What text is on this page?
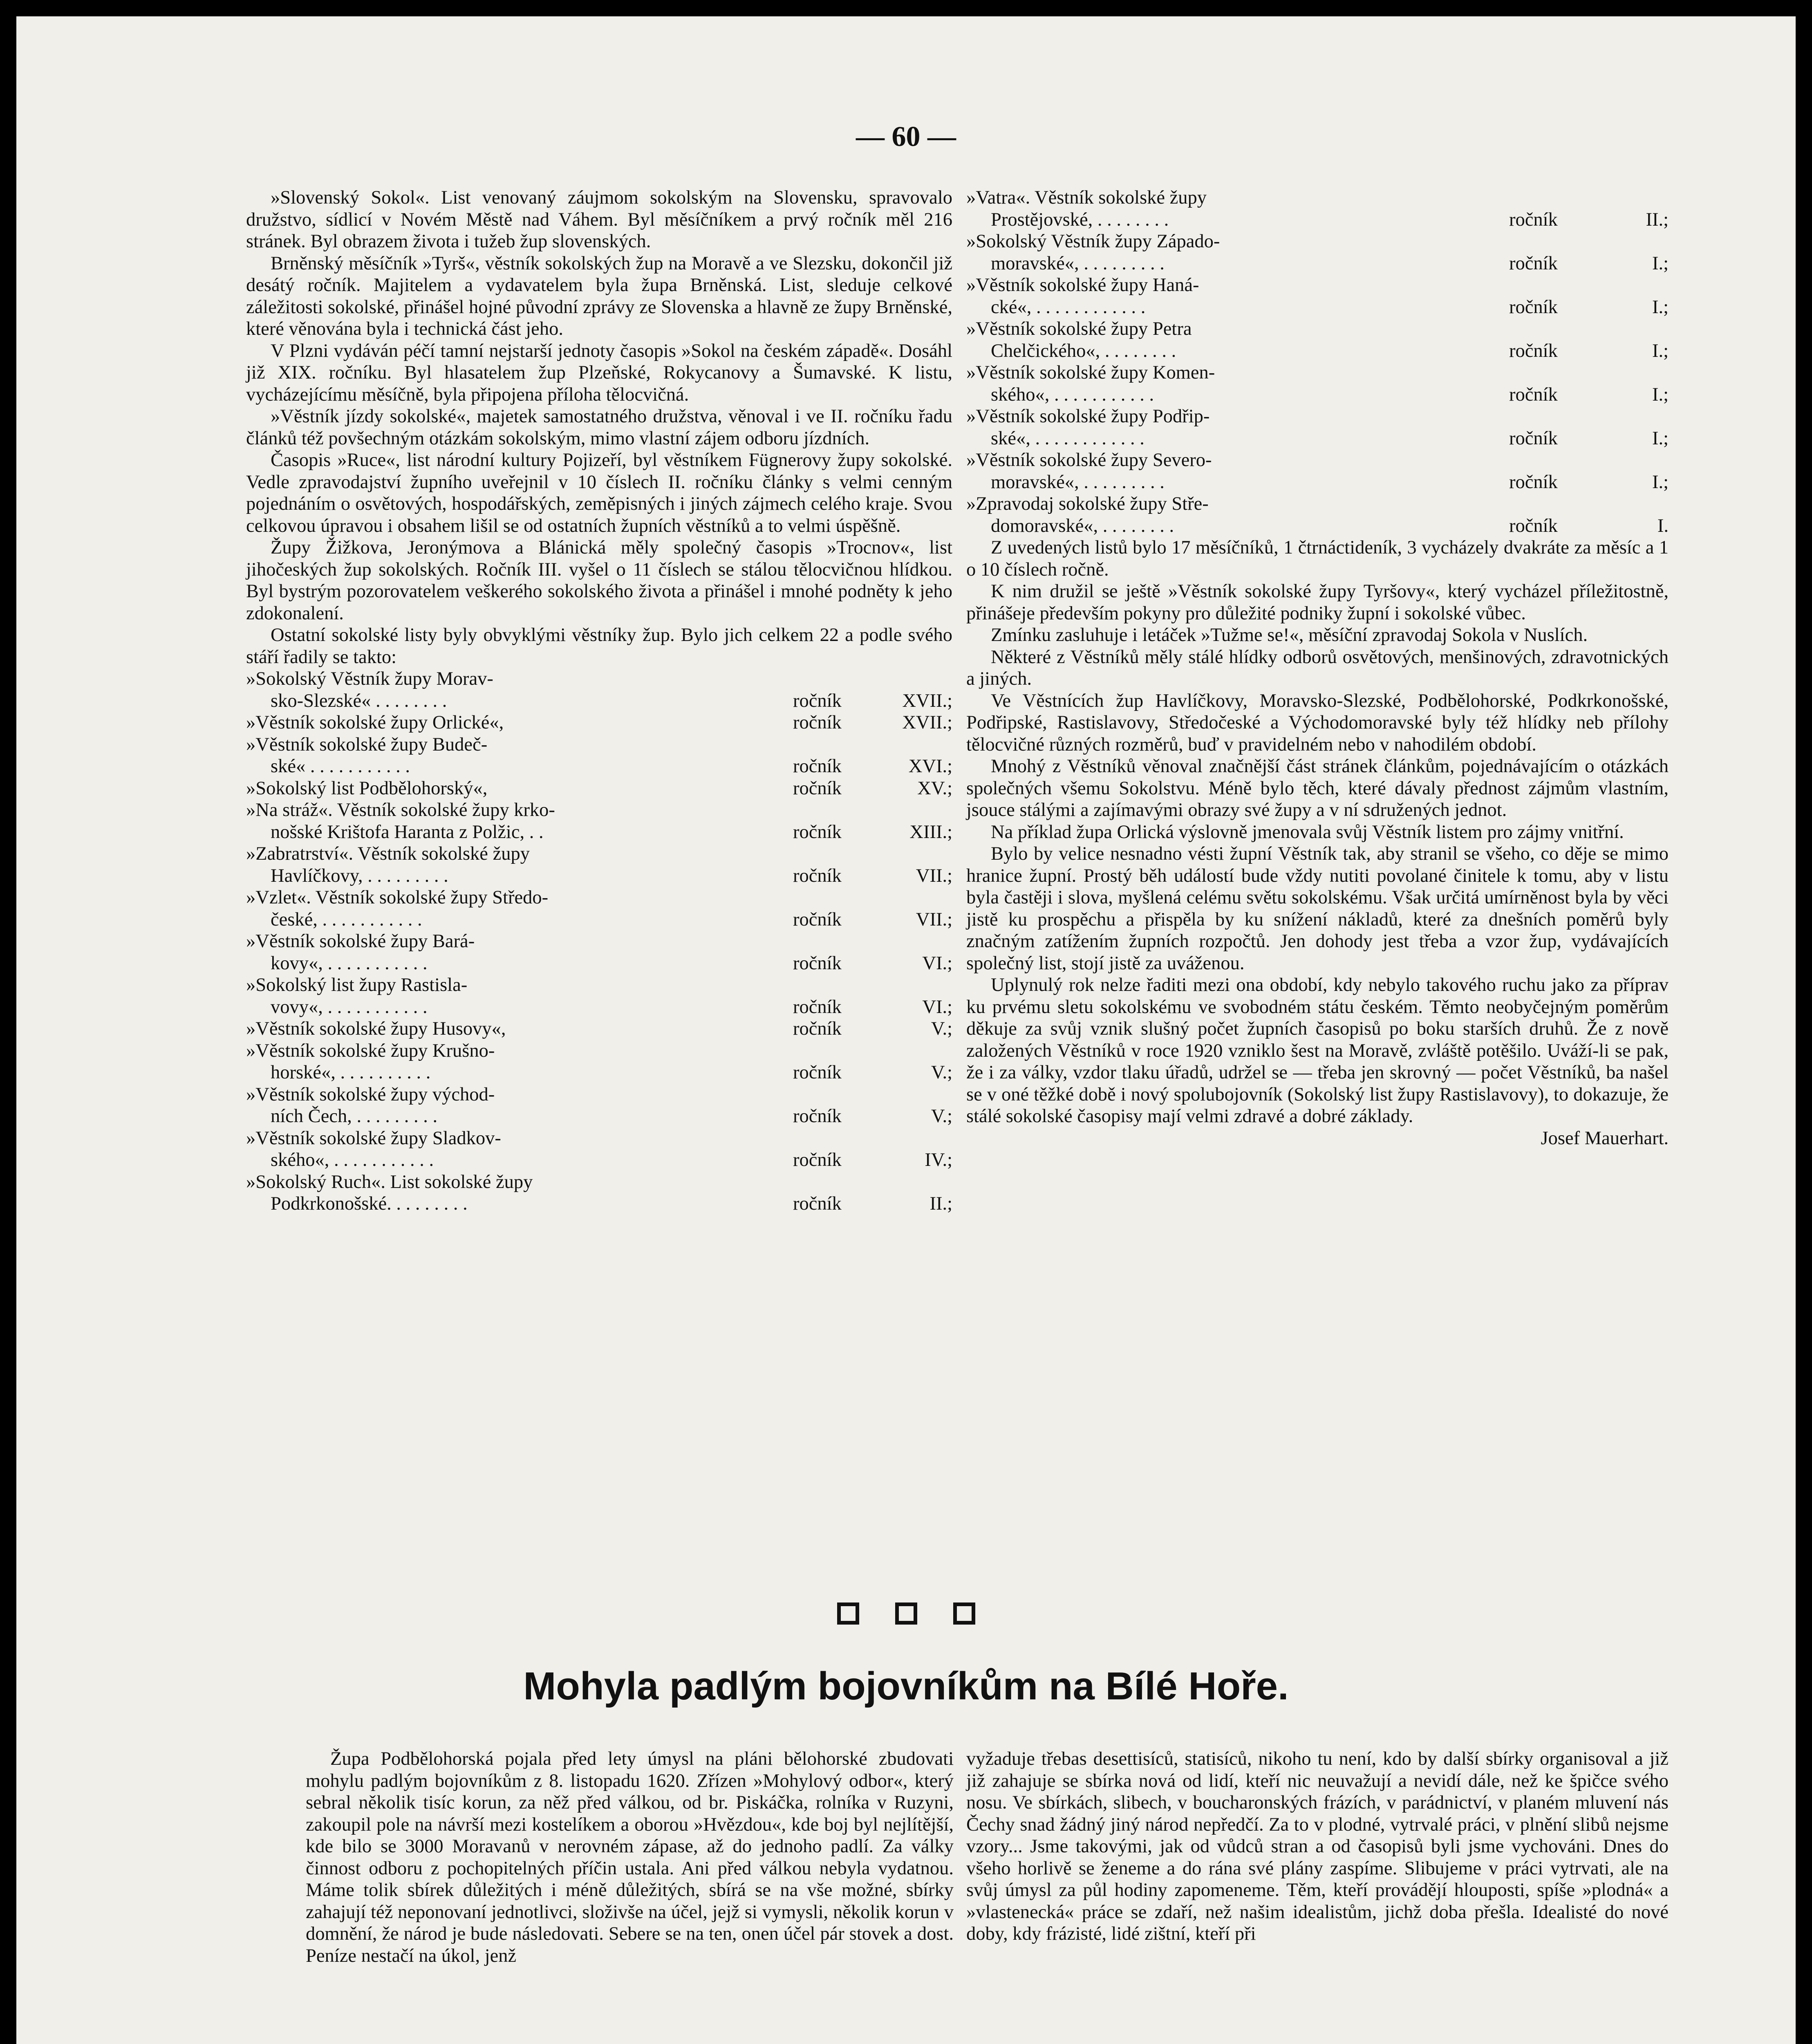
— 60 —

»Slovenský Sokol«. List venovaný záujmom sokolským na Slovensku, spravovalo družstvo, sídlicí v Novém Městě nad Váhem. Byl měsíčníkem a prvý ročník měl 216 stránek. Byl obrazem života i tužeb žup slovenských.

Brněnský měsíčník »Tyrš«, věstník sokolských žup na Moravě a ve Slezsku, dokončil již desátý ročník. Majitelem a vydavatelem byla župa Brněnská. List, sleduje celkové záležitosti sokolské, přinášel hojné původní zprávy ze Slovenska a hlavně ze župy Brněnské, které věnována byla i technická část jeho.

V Plzni vydáván péčí tamní nejstarší jednoty časopis »Sokol na českém západě«. Dosáhl již XIX. ročníku. Byl hlasatelem žup Plzeňské, Rokycanovy a Šumavské. K listu, vycházejícímu měsíčně, byla připojena příloha tělocvičná.

»Věstník jízdy sokolské«, majetek samostatného družstva, věnoval i ve II. ročníku řadu článků též povšechným otázkám sokolským, mimo vlastní zájem odboru jízdních.

Časopis »Ruce«, list národní kultury Pojizeří, byl věstníkem Fügnerovy župy sokolské. Vedle zpravodajství župního uveřejnil v 10 číslech II. ročníku články s velmi cenným pojednáním o osvětových, hospodářských, zeměpisných i jiných zájmech celého kraje. Svou celkovou úpravou i obsahem lišil se od ostatních župních věstníků a to velmi úspěšně.

Župy Žižkova, Jeronýmova a Blánická měly společný časopis »Trocnov«, list jihočeských žup sokolských. Ročník III. vyšel o 11 číslech se stálou tělocvičnou hlídkou. Byl bystrým pozorovatelem veškerého sokolského života a přinášel i mnohé podněty k jeho zdokonalení.

Ostatní sokolské listy byly obvyklými věstníky žup. Bylo jich celkem 22 a podle svého stáří řadily se takto:

»Sokolský Věstník župy Morav-
sko-Slezské« . . . . . . . .	ročník	XVII.;

»Věstník sokolské župy Orlické«,	ročník	XVII.;

»Věstník sokolské župy Budeč-
ské« . . . . . . . . . . .	ročník	XVI.;

»Sokolský list Podbělohorský«,	ročník	XV.;

»Na stráž«. Věstník sokolské župy krko-
nošské Krištofa Haranta z Polžic, . .	ročník	XIII.;

»Zabratrství«. Věstník sokolské župy
Havlíčkovy, . . . . . . . . .	ročník	VII.;

»Vzlet«. Věstník sokolské župy Středo-
české, . . . . . . . . . . .	ročník	VII.;

»Věstník sokolské župy Bará-
kovy«, . . . . . . . . . . .	ročník	VI.;

»Sokolský list župy Rastisla-
vovy«, . . . . . . . . . . .	ročník	VI.;

»Věstník sokolské župy Husovy«,	ročník	V.;

»Věstník sokolské župy Krušno-
horské«, . . . . . . . . . .	ročník	V.;

»Věstník sokolské župy východ-
ních Čech, . . . . . . . . .	ročník	V.;

»Věstník sokolské župy Sladkov-
ského«, . . . . . . . . . . .	ročník	IV.;

»Sokolský Ruch«. List sokolské župy
Podkrkonošské. . . . . . . . .	ročník	II.;
»Vatra«. Věstník sokolské župy
Prostějovské, . . . . . . . .	ročník	II.;

»Sokolský Věstník župy Západo-
moravské«, . . . . . . . . .	ročník	I.;

»Věstník sokolské župy Haná-
cké«, . . . . . . . . . . . .	ročník	I.;

»Věstník sokolské župy Petra
Chelčického«, . . . . . . . .	ročník	I.;

»Věstník sokolské župy Komen-
ského«, . . . . . . . . . . .	ročník	I.;

»Věstník sokolské župy Podřip-
ské«, . . . . . . . . . . . .	ročník	I.;

»Věstník sokolské župy Severo-
moravské«, . . . . . . . . .	ročník	I.;

»Zpravodaj sokolské župy Stře-
domoravské«, . . . . . . . .	ročník	I.

Z uvedených listů bylo 17 měsíčníků, 1 čtrnáctideník, 3 vycházely dvakráte za měsíc a 1 o 10 číslech ročně.

K nim družil se ještě »Věstník sokolské župy Tyršovy«, který vycházel příležitostně, přinášeje především pokyny pro důležité podniky župní i sokolské vůbec.

Zmínku zasluhuje i letáček »Tužme se!«, měsíční zpravodaj Sokola v Nuslích.

Některé z Věstníků měly stálé hlídky odborů osvětových, menšinových, zdravotnických a jiných.

Ve Věstnících žup Havlíčkovy, Moravsko-Slezské, Podbělohorské, Podkrkonošské, Podřipské, Rastislavovy, Středočeské a Východomoravské byly též hlídky neb přílohy tělocvičné různých rozměrů, buď v pravidelném nebo v nahodilém období.

Mnohý z Věstníků věnoval značnější část stránek článkům, pojednávajícím o otázkách společných všemu Sokolstvu. Méně bylo těch, které dávaly přednost zájmům vlastním, jsouce stálými a zajímavými obrazy své župy a v ní sdružených jednot.

Na příklad župa Orlická výslovně jmenovala svůj Věstník listem pro zájmy vnitřní.

Bylo by velice nesnadno vésti župní Věstník tak, aby stranil se všeho, co děje se mimo hranice župní. Prostý běh událostí bude vždy nutiti povolané činitele k tomu, aby v listu byla častěji i slova, myšlená celému světu sokolskému. Však určitá umírněnost byla by věci jistě ku prospěchu a přispěla by ku snížení nákladů, které za dnešních poměrů byly značným zatížením župních rozpočtů. Jen dohody jest třeba a vzor žup, vydávajících společný list, stojí jistě za uváženou.

Uplynulý rok nelze řaditi mezi ona období, kdy nebylo takového ruchu jako za příprav ku prvému sletu sokolskému ve svobodném státu českém. Těmto neobyčejným poměrům děkuje za svůj vznik slušný počet župních časopisů po boku starších druhů. Že z nově založených Věstníků v roce 1920 vzniklo šest na Moravě, zvláště potěšilo. Uváží-li se pak, že i za války, vzdor tlaku úřadů, udržel se — třeba jen skrovný — počet Věstníků, ba našel se v oné těžké době i nový spolubojovník (Sokolský list župy Rastislavovy), to dokazuje, že stálé sokolské časopisy mají velmi zdravé a dobré základy.

Josef Mauerhart.
Mohyla padlým bojovníkům na Bílé Hoře.

Župa Podbělohorská pojala před lety úmysl na pláni bělohorské zbudovati mohylu padlým bojovníkům z 8. listopadu 1620. Zřízen »Mohylový odbor«, který sebral několik tisíc korun, za něž před válkou, od br. Piskáčka, rolníka v Ruzyni, zakoupil pole na návrší mezi kostelíkem a oborou »Hvězdou«, kde boj byl nejlítější, kde bilo se 3000 Moravanů v nerovném zápase, až do jednoho padlí. Za války činnost odboru z pochopitelných příčin ustala. Ani před válkou nebyla vydatnou. Máme tolik sbírek důležitých i méně důležitých, sbírá se na vše možné, sbírky zahajují též neponovaní jednotlivci, složivše na účel, jejž si vymysli, několik korun v domnění, že národ je bude následovati. Sebere se na ten, onen účel pár stovek a dost. Peníze nestačí na úkol, jenž

vyžaduje třebas desettisíců, statisíců, nikoho tu není, kdo by další sbírky organisoval a již již zahajuje se sbírka nová od lidí, kteří nic neuvažují a nevidí dále, než ke špičce svého nosu. Ve sbírkách, slibech, v boucharonských frázích, v parádnictví, v planém mluvení nás Čechy snad žádný jiný národ nepředčí. Za to v plodné, vytrvalé práci, v plnění slibů nejsme vzory... Jsme takovými, jak od vůdců stran a od časopisů byli jsme vychováni. Dnes do všeho horlivě se ženeme a do rána své plány zaspíme. Slibujeme v práci vytrvati, ale na svůj úmysl za půl hodiny zapomeneme. Těm, kteří provádějí hlouposti, spíše »plodná« a »vlastenecká« práce se zdaří, než našim idealistům, jichž doba přešla. Idealisté do nové doby, kdy frázisté, lidé zištní, kteří při
